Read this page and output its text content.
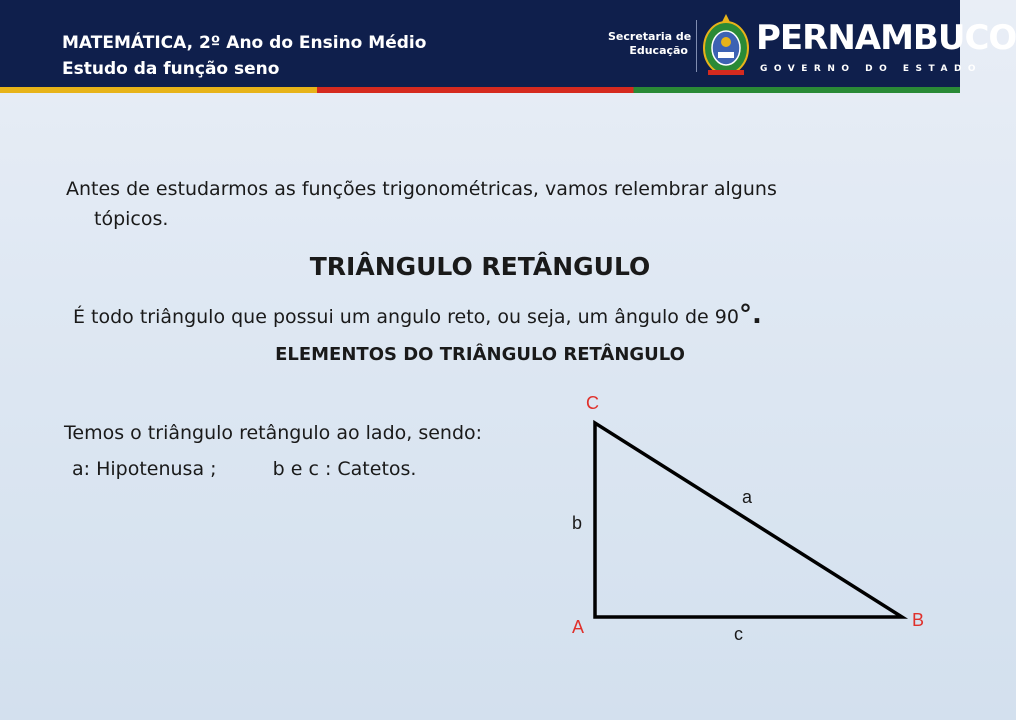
MATEMÁTICA, 2º Ano do Ensino Médio
Estudo da função seno
Secretaria de
Educação PERNAMBUCO
GOVERNO DO ESTADO
Antes de estudarmos as funções trigonométricas, vamos relembrar alguns
tópicos.
TRIÂNGULO RETÂNGULO
É todo triângulo que possui um angulo reto, ou seja, um ângulo de 90°.
ELEMENTOS DO TRIÂNGULO RETÂNGULO
Temos o triângulo retângulo ao lado, sendo:
a: Hipotenusa ;	b e c : Catetos.
C
A	B
a
b
c
